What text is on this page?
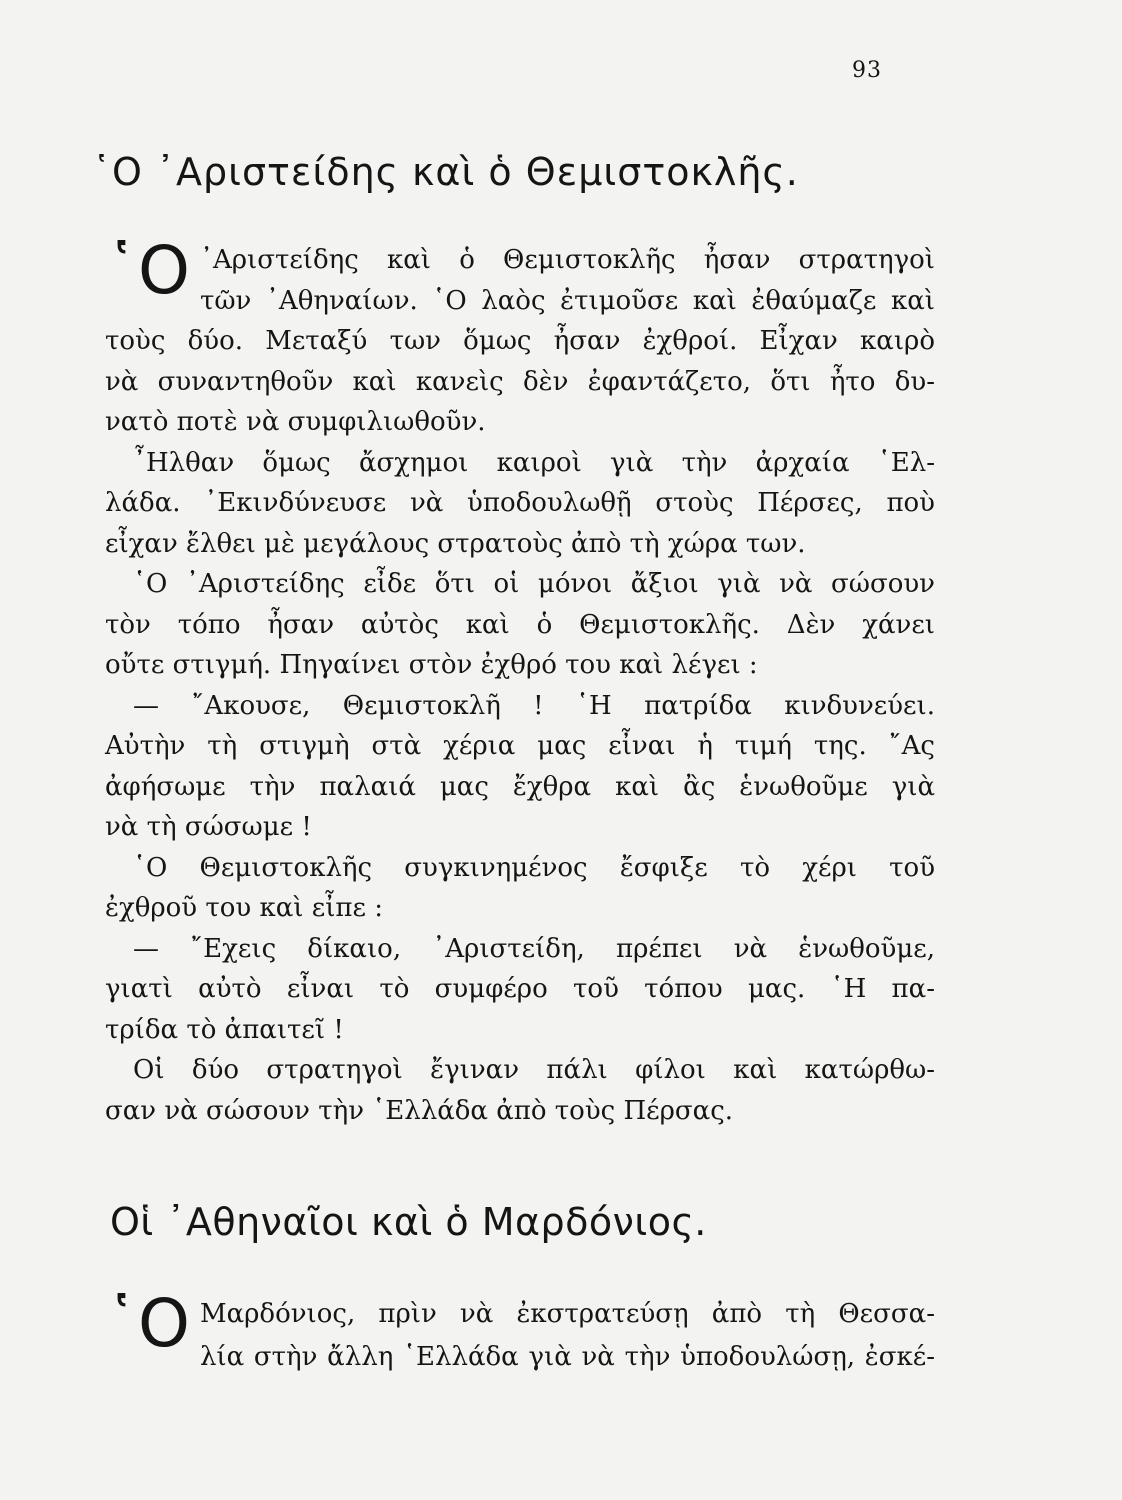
93
῾Ο ᾿Αριστείδης καὶ ὁ Θεμιστοκλῆς.
῾Ο ᾿Αριστείδης καὶ ὁ Θεμιστοκλῆς ἦσαν στρατηγοὶ
τῶν ᾿Αθηναίων. ῾Ο λαὸς ἐτιμοῦσε καὶ ἐθαύμαζε καὶ
τοὺς δύο. Μεταξύ των ὅμως ἦσαν ἐχθροί. Εἶχαν καιρὸ
νὰ συναντηθοῦν καὶ κανεὶς δὲν ἐφαντάζετο, ὅτι ἦτο δυ-
νατὸ ποτὲ νὰ συμφιλιωθοῦν.
῏Ηλθαν ὅμως ἄσχημοι καιροὶ γιὰ τὴν ἀρχαία ῾Ελ-
λάδα. ᾿Εκινδύνευσε νὰ ὑποδουλωθῇ στοὺς Πέρσες, ποὺ
εἶχαν ἔλθει μὲ μεγάλους στρατοὺς ἀπὸ τὴ χώρα των.
῾Ο ᾿Αριστείδης εἶδε ὅτι οἱ μόνοι ἄξιοι γιὰ νὰ σώσουν
τὸν τόπο ἦσαν αὐτὸς καὶ ὁ Θεμιστοκλῆς. Δὲν χάνει
οὔτε στιγμή. Πηγαίνει στὸν ἐχθρό του καὶ λέγει :
— ῎Ακουσε, Θεμιστοκλῆ ! ῾Η πατρίδα κινδυνεύει.
Αὐτὴν τὴ στιγμὴ στὰ χέρια μας εἶναι ἡ τιμή της. ῎Ας
ἀφήσωμε τὴν παλαιά μας ἔχθρα καὶ ἂς ἑνωθοῦμε γιὰ
νὰ τὴ σώσωμε !
῾Ο Θεμιστοκλῆς συγκινημένος ἔσφιξε τὸ χέρι τοῦ
ἐχθροῦ του καὶ εἶπε :
— ῎Εχεις δίκαιο, ᾿Αριστείδη, πρέπει νὰ ἑνωθοῦμε,
γιατὶ αὐτὸ εἶναι τὸ συμφέρο τοῦ τόπου μας. ῾Η πα-
τρίδα τὸ ἀπαιτεῖ !
Οἱ δύο στρατηγοὶ ἔγιναν πάλι φίλοι καὶ κατώρθω-
σαν νὰ σώσουν τὴν ῾Ελλάδα ἀπὸ τοὺς Πέρσας.
Οἱ ᾿Αθηναῖοι καὶ ὁ Μαρδόνιος.
῾Ο Μαρδόνιος, πρὶν νὰ ἐκστρατεύσῃ ἀπὸ τὴ Θεσσα-
λία στὴν ἄλλη ῾Ελλάδα γιὰ νὰ τὴν ὑποδουλώσῃ, ἐσκέ-
